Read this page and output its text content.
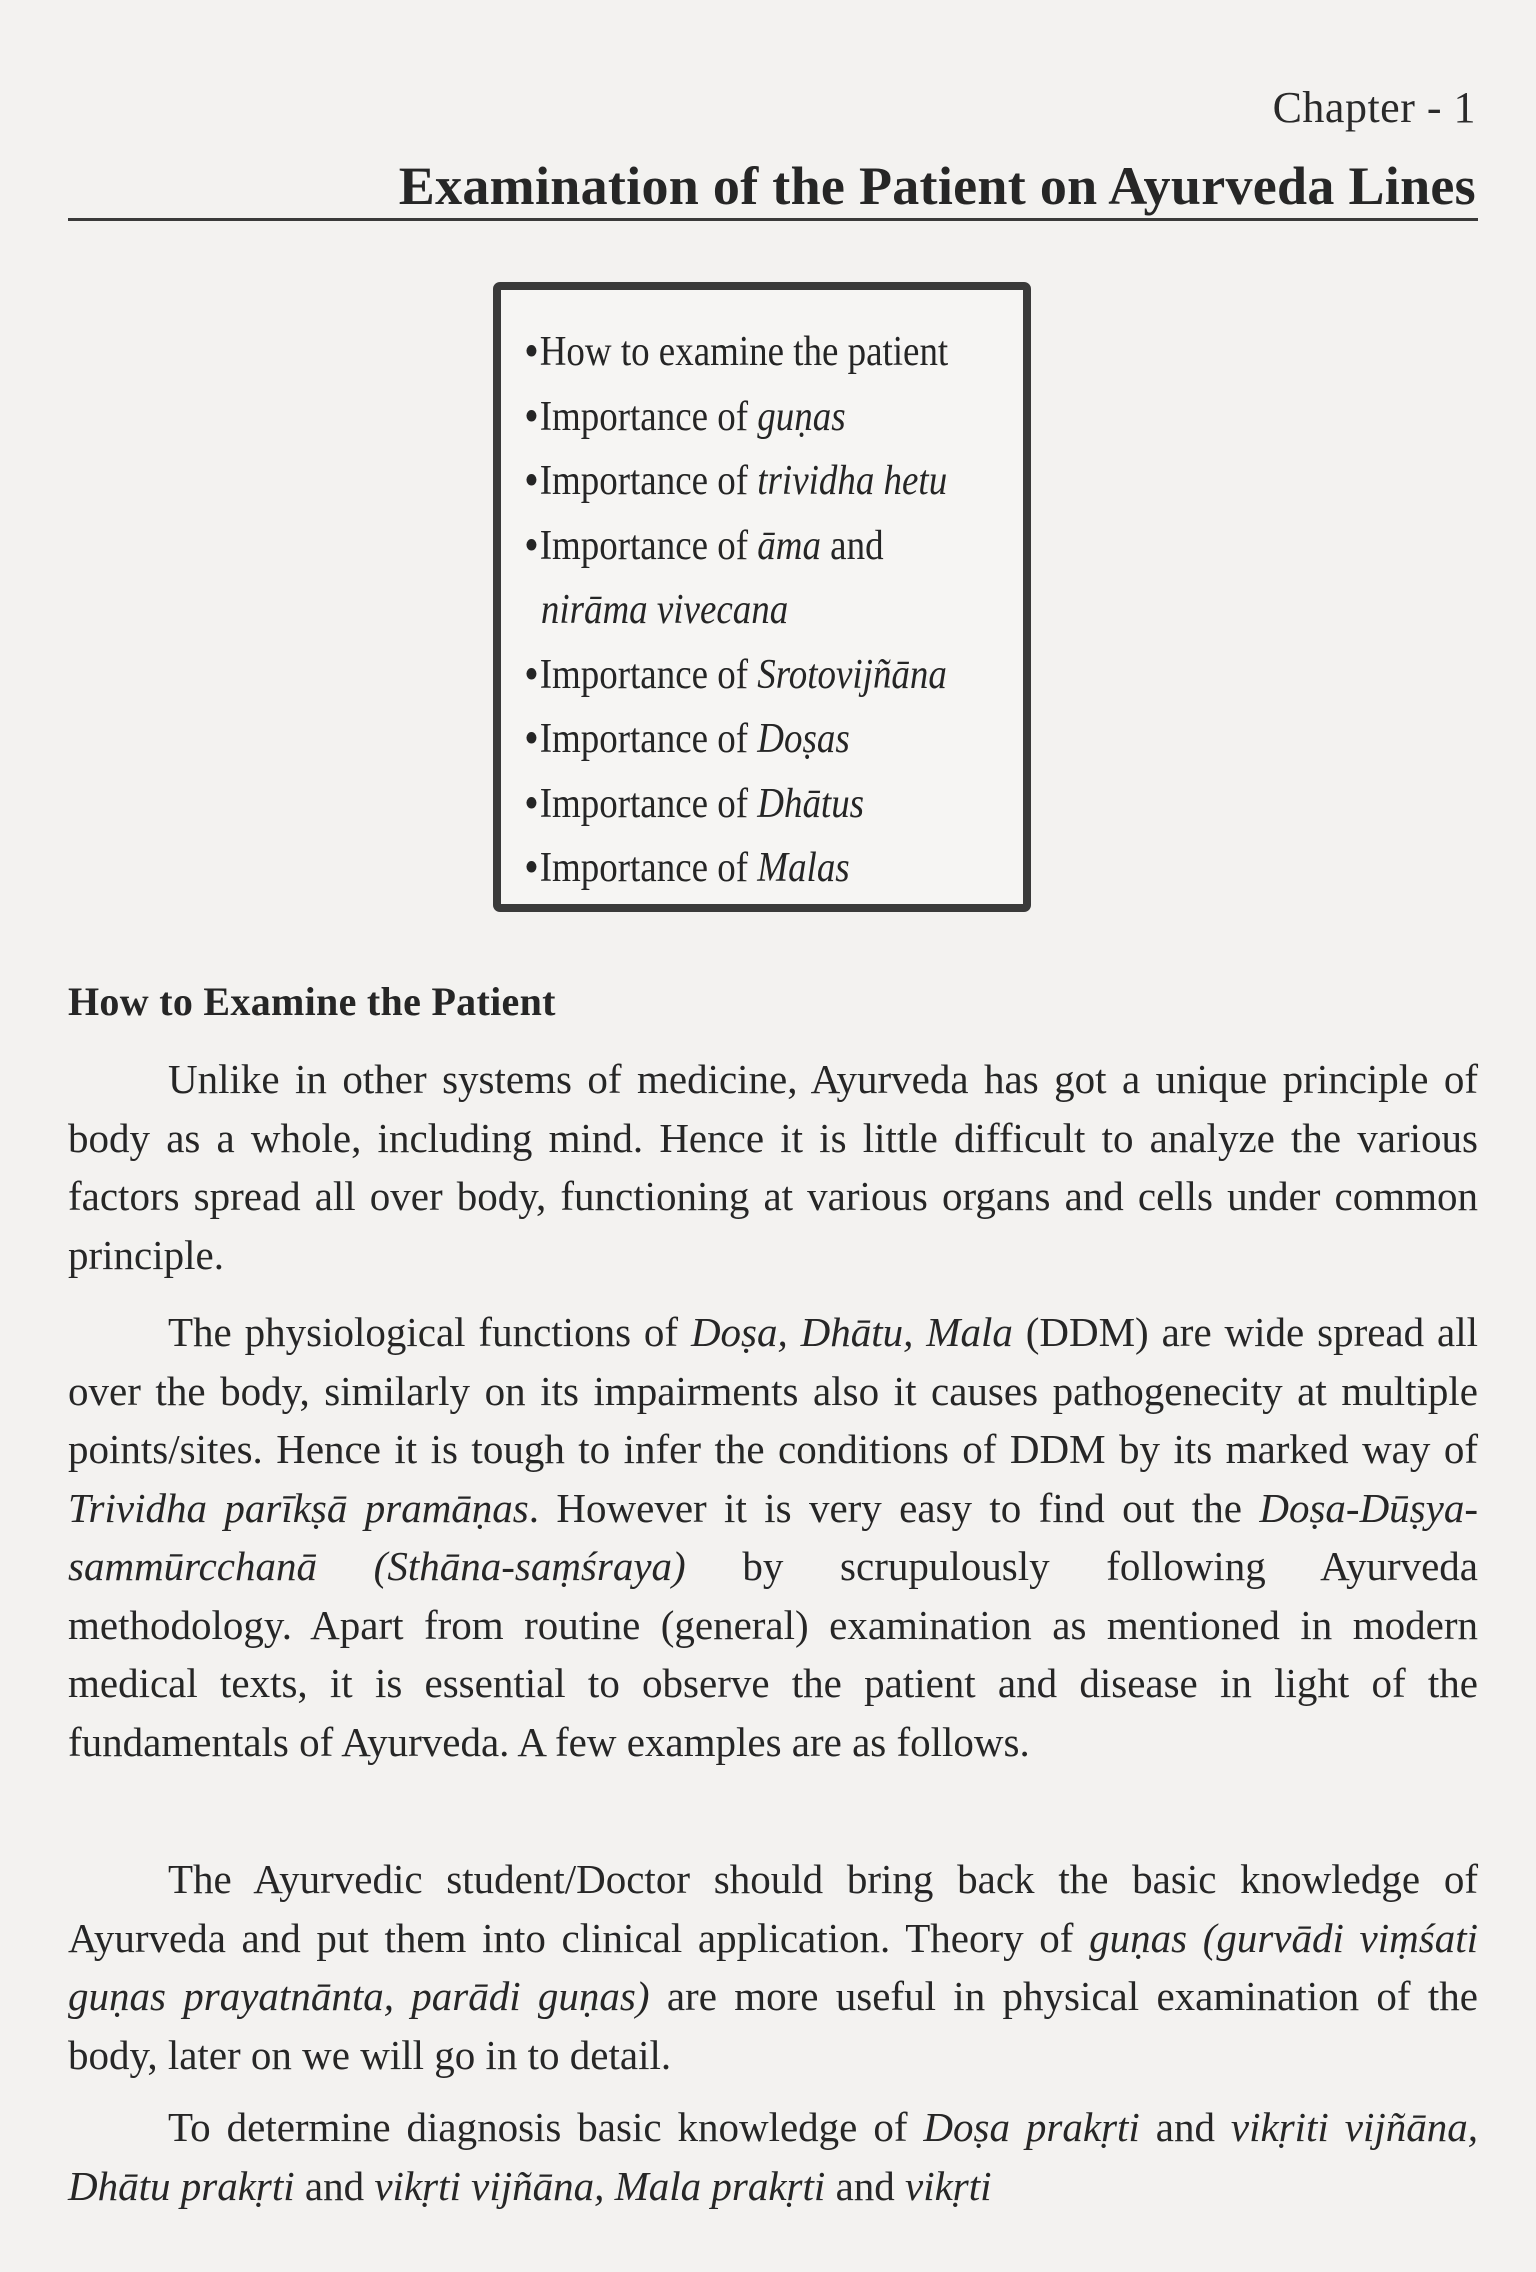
Chapter - 1
Examination of the Patient on Ayurveda Lines
•How to examine the patient
•Importance of guṇas
•Importance of trividha hetu
•Importance of āma and
nirāma vivecana
•Importance of Srotovijñāna
•Importance of Doṣas
•Importance of Dhātus
•Importance of Malas
How to Examine the Patient

Unlike in other systems of medicine, Ayurveda has got a unique principle of body as a whole, including mind. Hence it is little difficult to analyze the various factors spread all over body, functioning at various organs and cells under common principle.

The physiological functions of Doṣa, Dhātu, Mala (DDM) are wide spread all over the body, similarly on its impairments also it causes pathogenecity at multiple points/sites. Hence it is tough to infer the conditions of DDM by its marked way of Trividha parīkṣā pramāṇas. However it is very easy to find out the Doṣa-Dūṣya-sammūrcchanā (Sthāna-saṃśraya) by scrupulously following Ayurveda methodology. Apart from routine (general) examination as mentioned in modern medical texts, it is essential to observe the patient and disease in light of the fundamentals of Ayurveda. A few examples are as follows.

The Ayurvedic student/Doctor should bring back the basic knowledge of Ayurveda and put them into clinical application. Theory of guṇas (gurvādi viṃśati guṇas prayatnānta, parādi guṇas) are more useful in physical examination of the body, later on we will go in to detail.

To determine diagnosis basic knowledge of Doṣa prakṛti and vikṛiti vijñāna, Dhātu prakṛti and vikṛti vijñāna, Mala prakṛti and vikṛti
